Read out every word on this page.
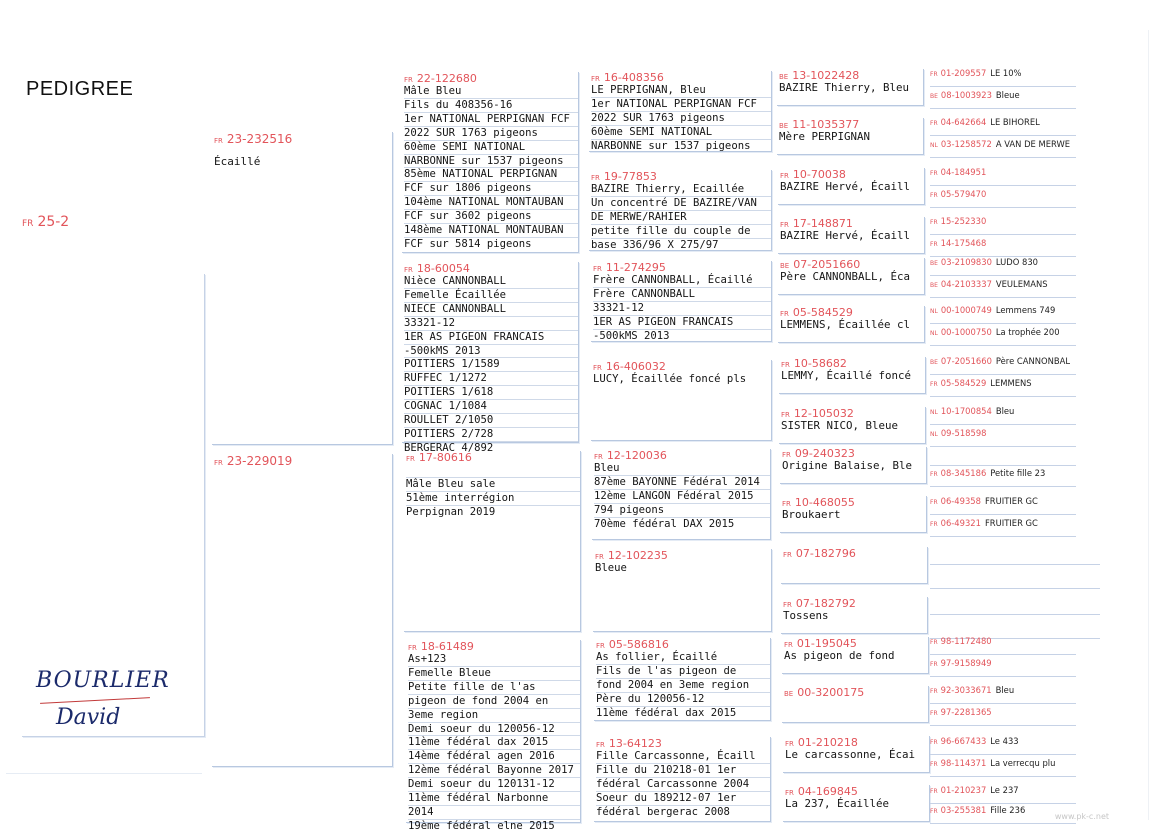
PEDIGREE
FR 25-2
BOURLIER
David
FR 23-232516
Écaillé
FR 23-229019
FR 22-122680
Mâle Bleu
Fils du 408356-16
1er NATIONAL PERPIGNAN FCF
2022 SUR 1763 pigeons
60ème SEMI NATIONAL
NARBONNE sur 1537 pigeons
85ème NATIONAL PERPIGNAN
FCF sur 1806 pigeons
104ème NATIONAL MONTAUBAN
FCF sur 3602 pigeons
148ème NATIONAL MONTAUBAN
FCF sur 5814 pigeons
FR 18-60054
Nièce CANNONBALL
Femelle Écaillée
NIECE CANNONBALL
33321-12
1ER AS PIGEON FRANCAIS
-500kMS 2013
POITIERS 1/1589
RUFFEC 1/1272
POITIERS 1/618
COGNAC 1/1084
ROULLET 2/1050
POITIERS 2/728
BERGERAC 4/892
FR 17-80616

Mâle Bleu sale
51ème interrégion
Perpignan 2019
FR 18-61489
As+123
Femelle Bleue
Petite fille de l'as
pigeon de fond 2004 en
3eme region
Demi soeur du 120056-12
11ème fédéral dax 2015
14ème fédéral agen 2016
12ème fédéral Bayonne 2017
Demi soeur du 120131-12
11ème fédéral Narbonne
2014
19ème fédéral elne 2015
FR 16-408356
LE PERPIGNAN, Bleu
1er NATIONAL PERPIGNAN FCF
2022 SUR 1763 pigeons
60ème SEMI NATIONAL
NARBONNE sur 1537 pigeons
FR 19-77853
BAZIRE Thierry, Ecaillée
Un concentré DE BAZIRE/VAN
DE MERWE/RAHIER
petite fille du couple de
base 336/96 X 275/97
FR 11-274295
Frère CANNONBALL, Écaillé
Frère CANNONBALL
33321-12
1ER AS PIGEON FRANCAIS
-500kMS 2013
FR 16-406032
LUCY, Écaillée foncé pls
FR 12-120036
Bleu
87ème BAYONNE Fédéral 2014
12ème LANGON Fédéral 2015
794 pigeons
70ème fédéral DAX 2015
FR 12-102235
Bleue
FR 05-586816
As follier, Écaillé
Fils de l'as pigeon de
fond 2004 en 3eme region
Père du 120056-12
11ème fédéral dax 2015
FR 13-64123
Fille Carcassonne, Écaill
Fille du 210218-01 1er
fédéral Carcassonne 2004
Soeur du 189212-07 1er
fédéral bergerac 2008
BE 13-1022428
BAZIRE Thierry, Bleu
BE 11-1035377
Mère PERPIGNAN
FR 10-70038
BAZIRE Hervé, Écaill
FR 17-148871
BAZIRE Hervé, Écaill
BE 07-2051660
Père CANNONBALL, Éca
FR 05-584529
LEMMENS, Écaillée cl
FR 10-58682
LEMMY, Écaillé foncé
FR 12-105032
SISTER NICO, Bleue
FR 09-240323
Origine Balaise, Ble
FR 10-468055
Broukaert
FR 07-182796
FR 07-182792
Tossens
FR 01-195045
As pigeon de fond
BE 00-3200175
FR 01-210218
Le carcassonne, Écai
FR 04-169845
La 237, Écaillée
FR 01-209557 LE 10%
BE 08-1003923 Bleue
FR 04-642664 LE BIHOREL
NL 03-1258572 A VAN DE MERWE
FR 04-184951
FR 05-579470
FR 15-252330
FR 14-175468
BE 03-2109830 LUDO 830
BE 04-2103337 VEULEMANS
NL 00-1000749 Lemmens 749
NL 00-1000750 La trophée 200
BE 07-2051660 Père CANNONBAL
FR 05-584529 LEMMENS
NL 10-1700854 Bleu
NL 09-518598
FR 08-345186 Petite fille 23
FR 06-49358 FRUITIER GC
FR 06-49321 FRUITIER GC
FR 98-1172480
FR 97-9158949
FR 92-3033671 Bleu
FR 97-2281365
FR 96-667433 Le 433
FR 98-114371 La verrecqu plu
FR 01-210237 Le 237
FR 03-255381 Fille 236
www.pk-c.net
